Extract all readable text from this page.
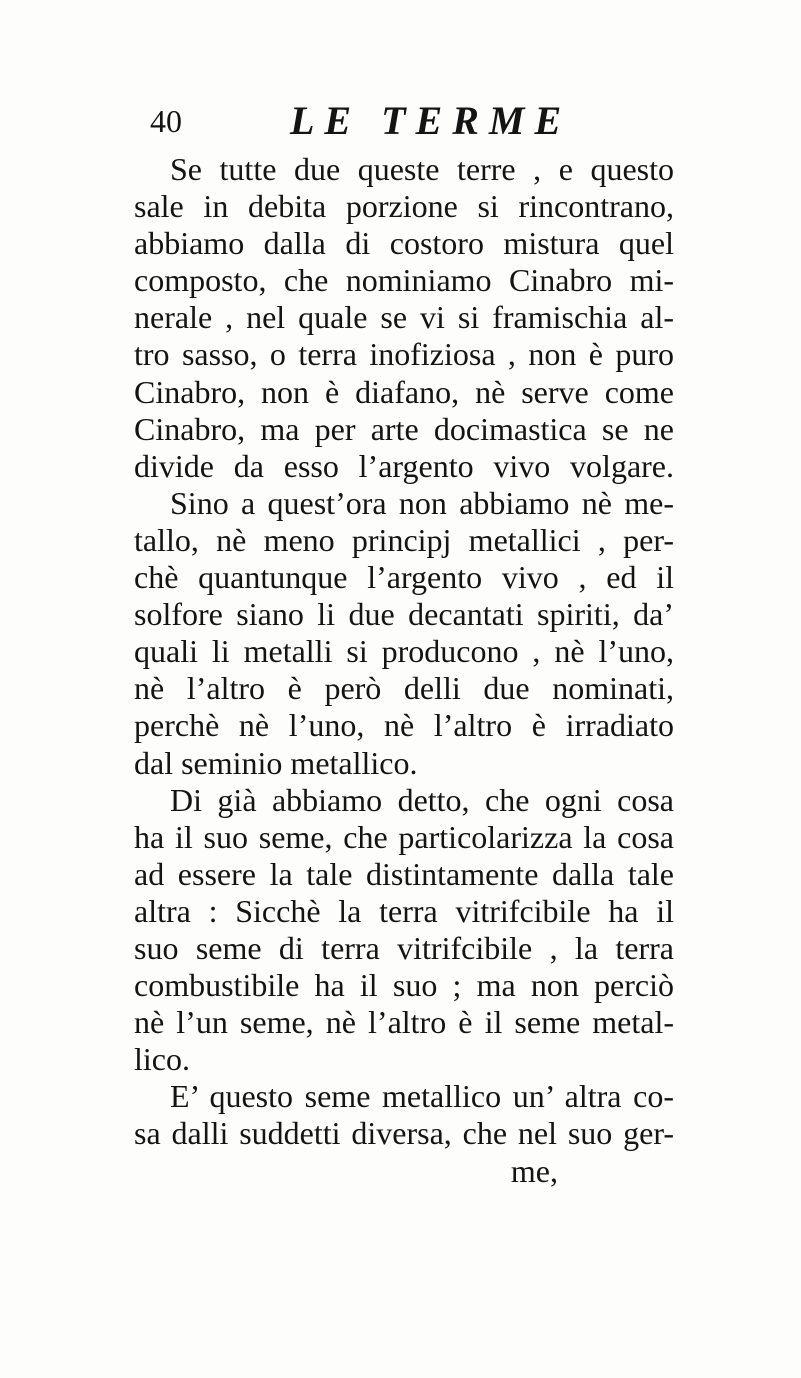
40	LE TERME
Se tutte due queste terre , e questo
sale in debita porzione si rincontrano,
abbiamo dalla di costoro mistura quel
composto, che nominiamo Cinabro mi-
nerale , nel quale se vi si framischia al-
tro sasso, o terra inofiziosa , non è puro
Cinabro, non è diafano, nè serve come
Cinabro, ma per arte docimastica se ne
divide da esso l’argento vivo volgare.
Sino a quest’ora non abbiamo nè me-
tallo, nè meno principj metallici , per-
chè quantunque l’argento vivo , ed il
solfore siano li due decantati spiriti, da’
quali li metalli si producono , nè l’uno,
nè l’altro è però delli due nominati,
perchè nè l’uno, nè l’altro è irradiato
dal seminio metallico.
Di già abbiamo detto, che ogni cosa
ha il suo seme, che particolarizza la cosa
ad essere la tale distintamente dalla tale
altra : Sicchè la terra vitrifcibile ha il
suo seme di terra vitrifcibile , la terra
combustibile ha il suo ; ma non perciò
nè l’un seme, nè l’altro è il seme metal-
lico.
E’ questo seme metallico un’ altra co-
sa dalli suddetti diversa, che nel suo ger-
me,
